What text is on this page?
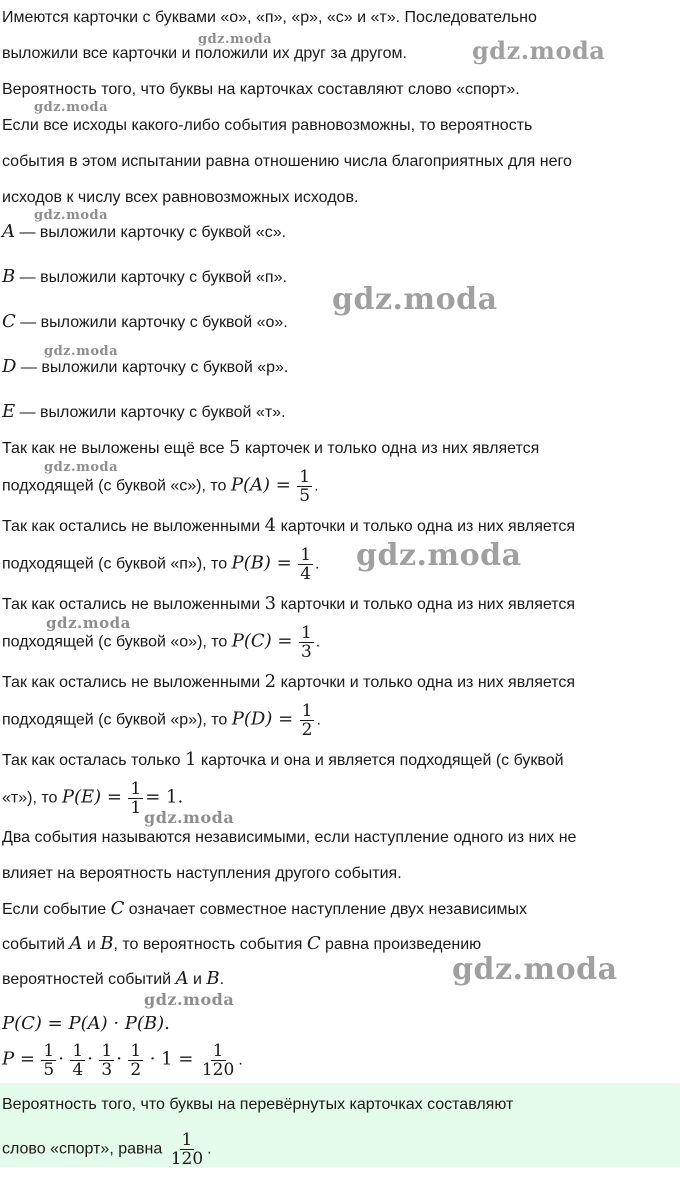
Имеются карточки с буквами «о», «п», «р», «с» и «т». Последовательно
выложили все карточки и положили их друг за другом.
Вероятность того, что буквы на карточках составляют слово «спорт».
Если все исходы какого-либо события равновозможны, то вероятность
события в этом испытании равна отношению числа благоприятных для него
исходов к числу всех равновозможных исходов.
A — выложили карточку с буквой «с».
B — выложили карточку с буквой «п».
C — выложили карточку с буквой «о».
D — выложили карточку с буквой «р».
E — выложили карточку с буквой «т».
Так как не выложены ещё все 5 карточек и только одна из них является
подходящей (с буквой «с»), то $P(A) = \frac{1}{5}$ .
Так как остались не выложенными 4 карточки и только одна из них является
подходящей (с буквой «п»), то $P(B) = \frac{1}{4}$ .
Так как остались не выложенными 3 карточки и только одна из них является
подходящей (с буквой «о»), то $P(C) = \frac{1}{3}$ .
Так как остались не выложенными 2 карточки и только одна из них является
подходящей (с буквой «р»), то $P(D) = \frac{1}{2}$ .
Так как осталась только 1 карточка и она и является подходящей (с буквой
«т»), то $P(E) = \frac{1}{1} = 1$.
Два события называются независимыми, если наступление одного из них не
влияет на вероятность наступления другого события.
Если событие C означает совместное наступление двух независимых
событий A и B, то вероятность события C равна произведению
вероятностей событий A и B.
P(C) = P(A) · P(B).
$P = \frac{1}{5} \cdot \frac{1}{4} \cdot \frac{1}{3} \cdot \frac{1}{2} \cdot 1 = \frac{1}{120}$ .
Вероятность того, что буквы на перевёрнутых карточках составляют
слово «спорт», равна $\frac{1}{120}$ .
gdz.moda	gdz.moda
gdz.moda
gdz.moda
gdz.moda
gdz.moda
gdz.moda
gdz.moda
gdz.moda
gdz.moda
gdz.moda
gdz.moda
